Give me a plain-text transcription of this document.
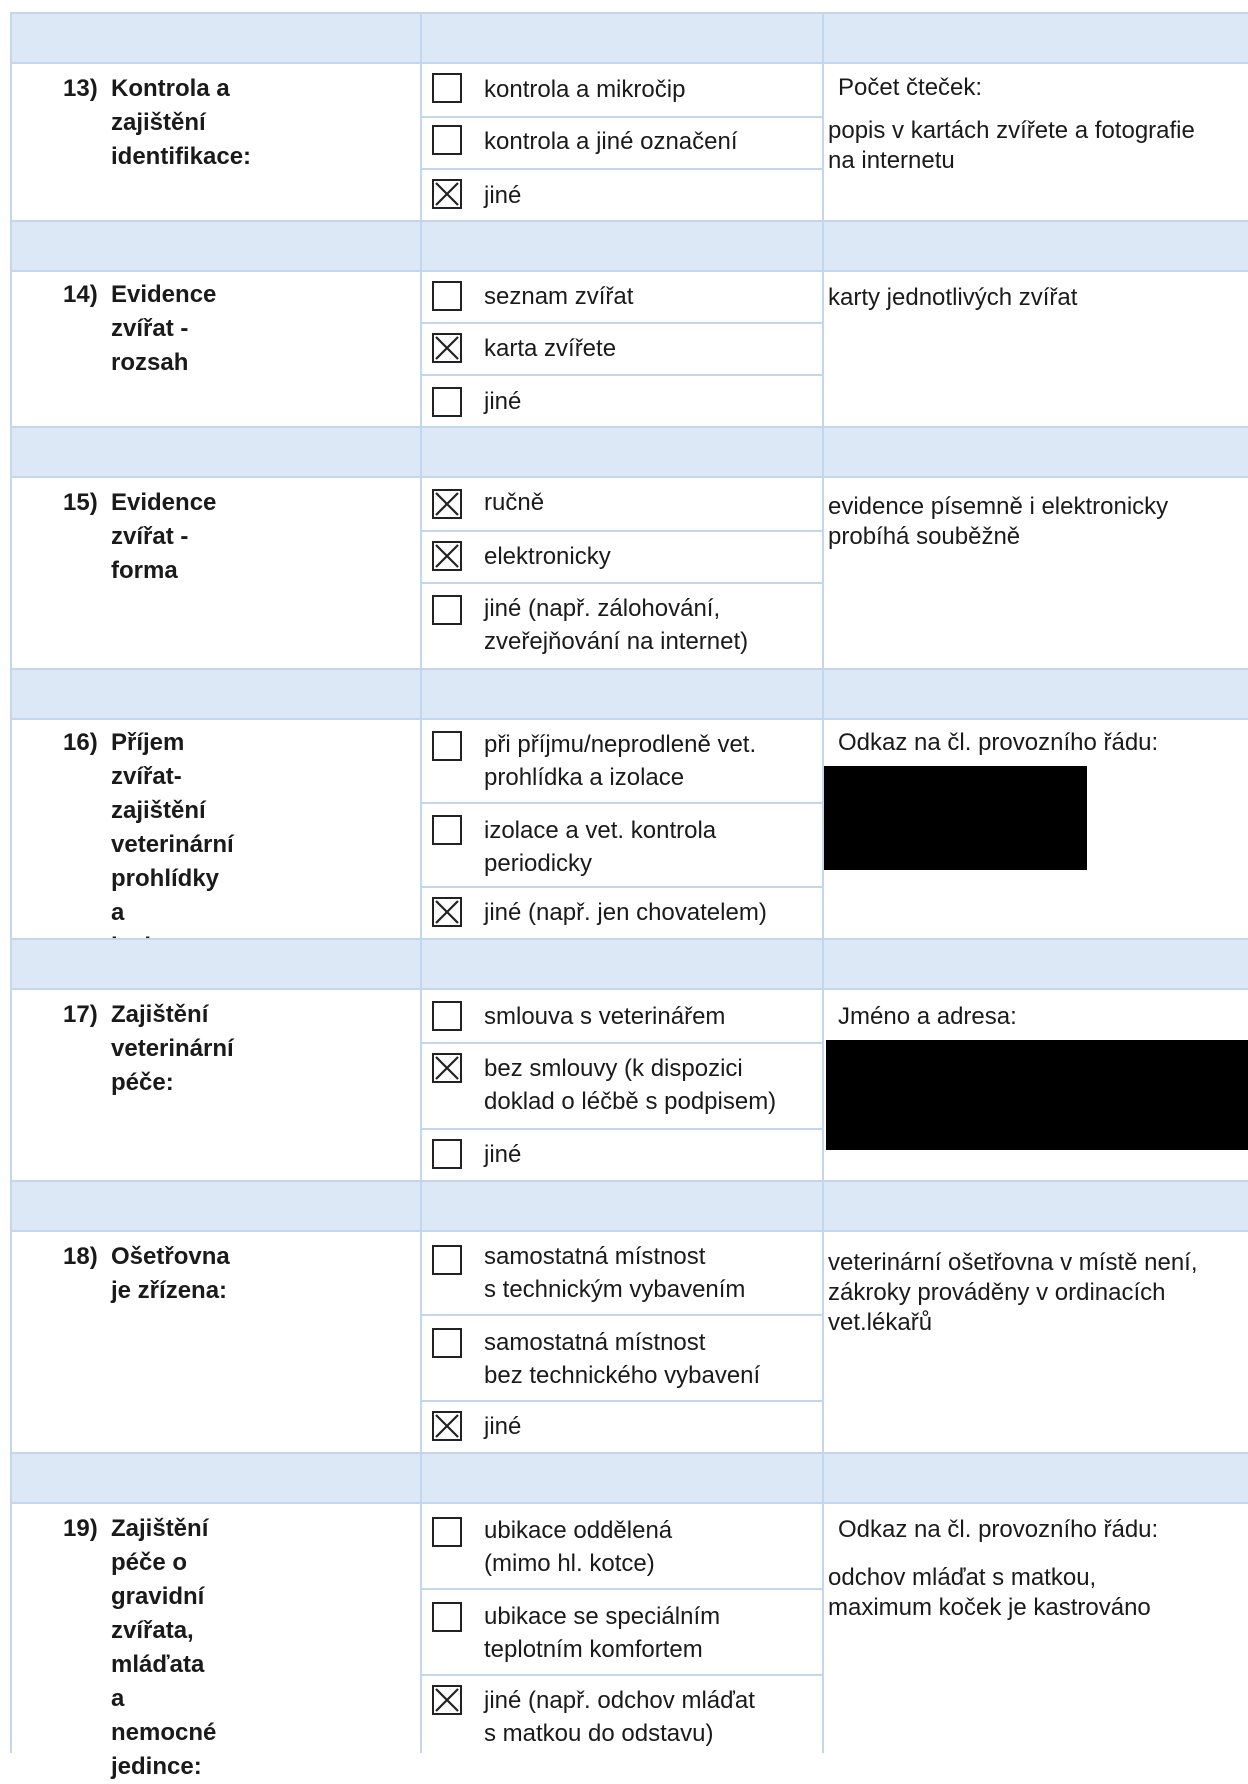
13) Kontrola a zajištění
identifikace:
kontrola a mikročip
kontrola a jiné označení
jiné
Počet čteček:
popis v kartách zvířete a fotografie
na internetu
14) Evidence zvířat -
rozsah
seznam zvířat
karta zvířete
jiné
karty jednotlivých zvířat
15) Evidence zvířat - forma
ručně
elektronicky
jiné (např. zálohování,
zveřejňování na internet)
evidence písemně i elektronicky
probíhá souběžně
16) Příjem zvířat- zajištění
veterinární prohlídky a

při příjmu/neprodleně vet.
prohlídka a izolace
izolace a vet. kontrola
periodicky
jiné (např. jen chovatelem)
Odkaz na čl. provozního řádu:
17) Zajištění veterinární
péče:
smlouva s veterinářem
bez smlouvy (k dispozici
doklad o léčbě s podpisem)
jiné
Jméno a adresa:
18) Ošetřovna je zřízena:
samostatná místnost
s technickým vybavením
samostatná místnost
bez technického vybavení
jiné
veterinární ošetřovna v místě není,
zákroky prováděny v ordinacích
vet.lékařů
19) Zajištění péče o
gravidní zvířata,
mláďata a nemocné
jedince:
ubikace oddělená
(mimo hl. kotce)
ubikace se speciálním
teplotním komfortem
jiné (např. odchov mláďat
s matkou do odstavu)
Odkaz na čl. provozního řádu:
odchov mláďat s matkou,
maximum koček je kastrováno
